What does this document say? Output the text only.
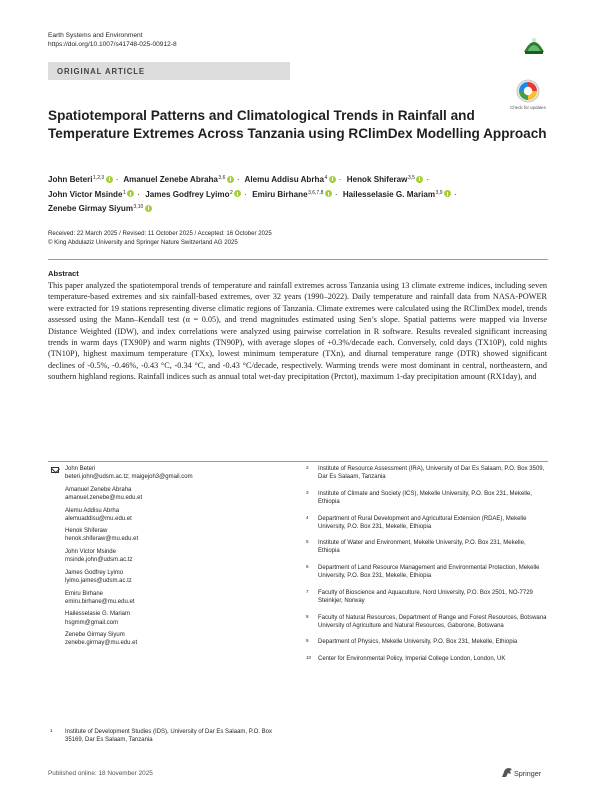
Earth Systems and Environment
https://doi.org/10.1007/s41748-025-00912-8
Check for updates
ORIGINAL ARTICLE
Spatiotemporal Patterns and Climatological Trends in Rainfall and Temperature Extremes Across Tanzania using RClimDex Modelling Approach
John Beteri$^{1,2,3}$ · Amanuel Zenebe Abraha$^{3,6}$ · Alemu Addisu Abrha$^4$ · Henok Shiferaw$^{3,5}$ ·
John Victor Msinde$^1$ · James Godfrey Lyimo$^2$ · Emiru Birhane$^{3,6,7,8}$ · Hailesselasie G. Mariam$^{3,9}$ ·
Zenebe Girmay Siyum$^{3,10}$
Received: 22 March 2025 / Revised: 11 October 2025 / Accepted: 16 October 2025
© King Abdulaziz University and Springer Nature Switzerland AG 2025
Abstract
This paper analyzed the spatiotemporal trends of temperature and rainfall extremes across Tanzania using 13 climate extreme indices, including seven temperature-based extremes and six rainfall-based extremes, over 32 years (1990–2022). Daily temperature and rainfall data from NASA-POWER were extracted for 19 stations representing diverse climatic regions of Tanzania. Climate extremes were calculated using the RClimDex model, trends assessed using the Mann–Kendall test (α = 0.05), and trend magnitudes estimated using Sen’s slope. Spatial patterns were mapped via Inverse Distance Weighted (IDW), and index correlations were analyzed using pairwise correlation in R software. Results revealed significant increasing trends in warm days (TX90P) and warm nights (TN90P), with average slopes of +0.3%/decade each. Conversely, cold days (TX10P), cold nights (TN10P), highest maximum temperature (TXx), lowest minimum temperature (TXn), and diurnal temperature range (DTR) showed significant declines of -0.5%, -0.46%, -0.43 °C, -0.34 °C, and -0.43 °C/decade, respectively. Warming trends were most dominant in central, northeastern, and southern highland regions. Rainfall indices such as annual total wet-day precipitation (Prctot), maximum 1-day precipitation amount (RX1day), and
John Beteri
beteri.john@udsm.ac.tz; maigejoh3@gmail.com
Amanuel Zenebe Abraha
amanuel.zenebe@mu.edu.et
Alemu Addisu Abrha
alemuaddisu@mu.edu.et
Henok Shiferaw
henok.shiferaw@mu.edu.et
John Victor Msinde
msinde.john@udsm.ac.tz
James Godfrey Lyimo
lyimo.james@udsm.ac.tz
Emiru Birhane
emiru.birhane@mu.edu.et
Hailesselasie G. Mariam
hsgmm@gmail.com
Zenebe Girmay Siyum
zenebe.girmay@mu.edu.et
1 Institute of Development Studies (IDS), University of Dar Es Salaam, P.O. Box 35169, Dar Es Salaam, Tanzania
2 Institute of Resource Assessment (IRA), University of Dar Es Salaam, P.O. Box 3509, Dar Es Salaam, Tanzania
3 Institute of Climate and Society (ICS), Mekelle University, P.O. Box 231, Mekelle, Ethiopia
4 Department of Rural Development and Agricultural Extension (RDAE), Mekelle University, P.O. Box 231, Mekelle, Ethiopia
5 Institute of Water and Environment, Mekelle University, P.O. Box 231, Mekelle, Ethiopia
6 Department of Land Resource Management and Environmental Protection, Mekelle University, P.O. Box 231, Mekelle, Ethiopia
7 Faculty of Bioscience and Aquaculture, Nord University, P.O. Box 2501, NO-7729 Steinkjer, Norway
8 Faculty of Natural Resources, Department of Range and Forest Resources, Botswana University of Agriculture and Natural Resources, Gaborone, Botswana
9 Department of Physics, Mekelle University, P.O. Box 231, Mekelle, Ethiopia
10 Center for Environmental Policy, Imperial College London, London, UK
Published online: 18 November 2025	Springer
